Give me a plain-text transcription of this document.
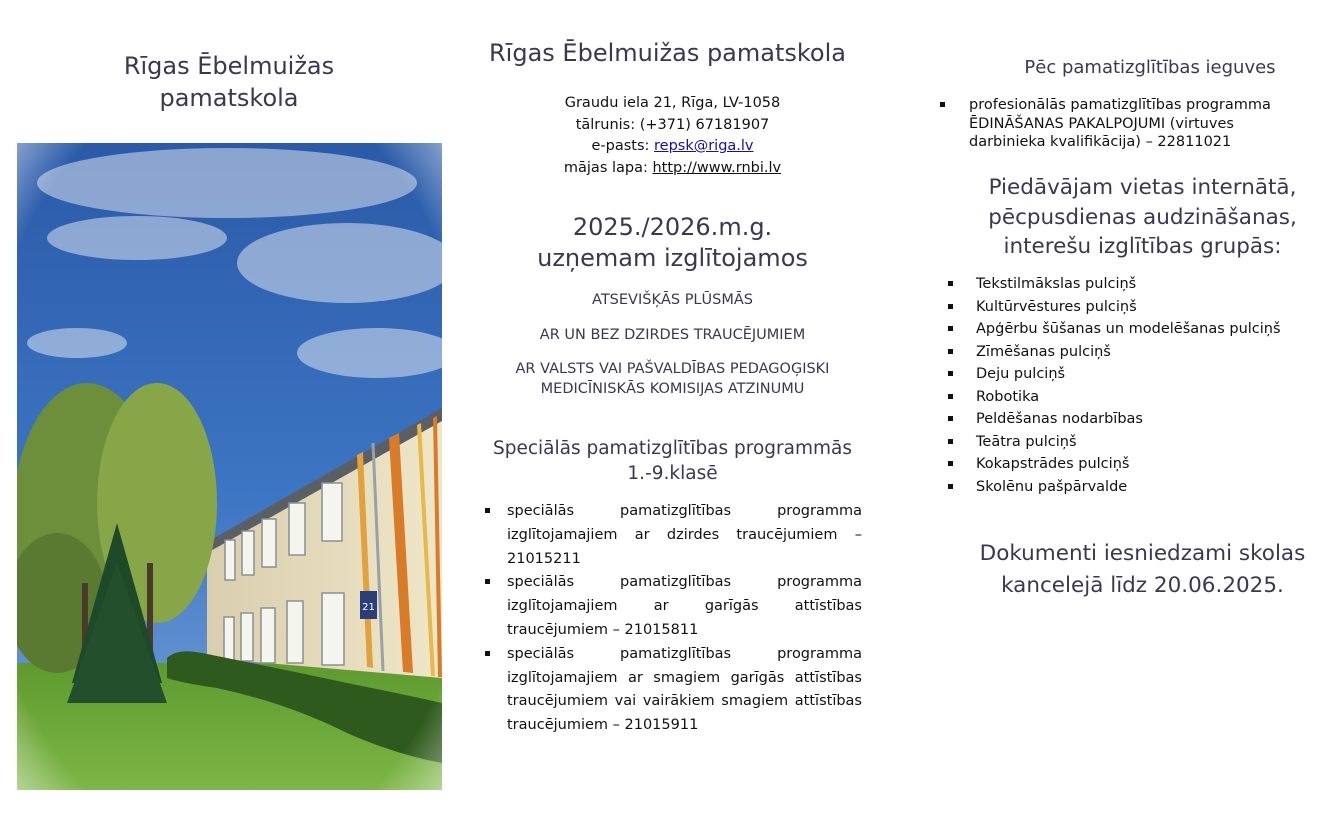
Rīgas Ēbelmuižas
pamatskola
Rīgas Ēbelmuižas pamatskola
Graudu iela 21, Rīga, LV-1058
tālrunis: (+371) 67181907
e-pasts: repsk@riga.lv
mājas lapa: http://www.rnbi.lv
2025./2026.m.g.
uzņemam izglītojamos
ATSEVIŠĶĀS PLŪSMĀS
AR UN BEZ DZIRDES TRAUCĒJUMIEM
AR VALSTS VAI PAŠVALDĪBAS PEDAGOĢISKI
MEDICĪNISKĀS KOMISIJAS ATZINUMU
Speciālās pamatizglītības programmās
1.-9.klasē
speciālās pamatizglītības programma izglītojamajiem ar dzirdes traucējumiem – 21015211
speciālās pamatizglītības programma izglītojamajiem ar garīgās attīstības traucējumiem – 21015811
speciālās pamatizglītības programma izglītojamajiem ar smagiem garīgās attīstības traucējumiem vai vairākiem smagiem attīstības traucējumiem – 21015911
Pēc pamatizglītības ieguves
profesionālās pamatizglītības programma ĒDINĀŠANAS PAKALPOJUMI (virtuves darbinieka kvalifikācija) – 22811021
Piedāvājam vietas internātā,
pēcpusdienas audzināšanas,
interešu izglītības grupās:
Tekstilmākslas pulciņš
Kultūrvēstures pulciņš
Apģērbu šūšanas un modelēšanas pulciņš
Zīmēšanas pulciņš
Deju pulciņš
Robotika
Peldēšanas nodarbības
Teātra pulciņš
Kokapstrādes pulciņš
Skolēnu pašpārvalde
Dokumenti iesniedzami skolas
kancelejā līdz 20.06.2025.
